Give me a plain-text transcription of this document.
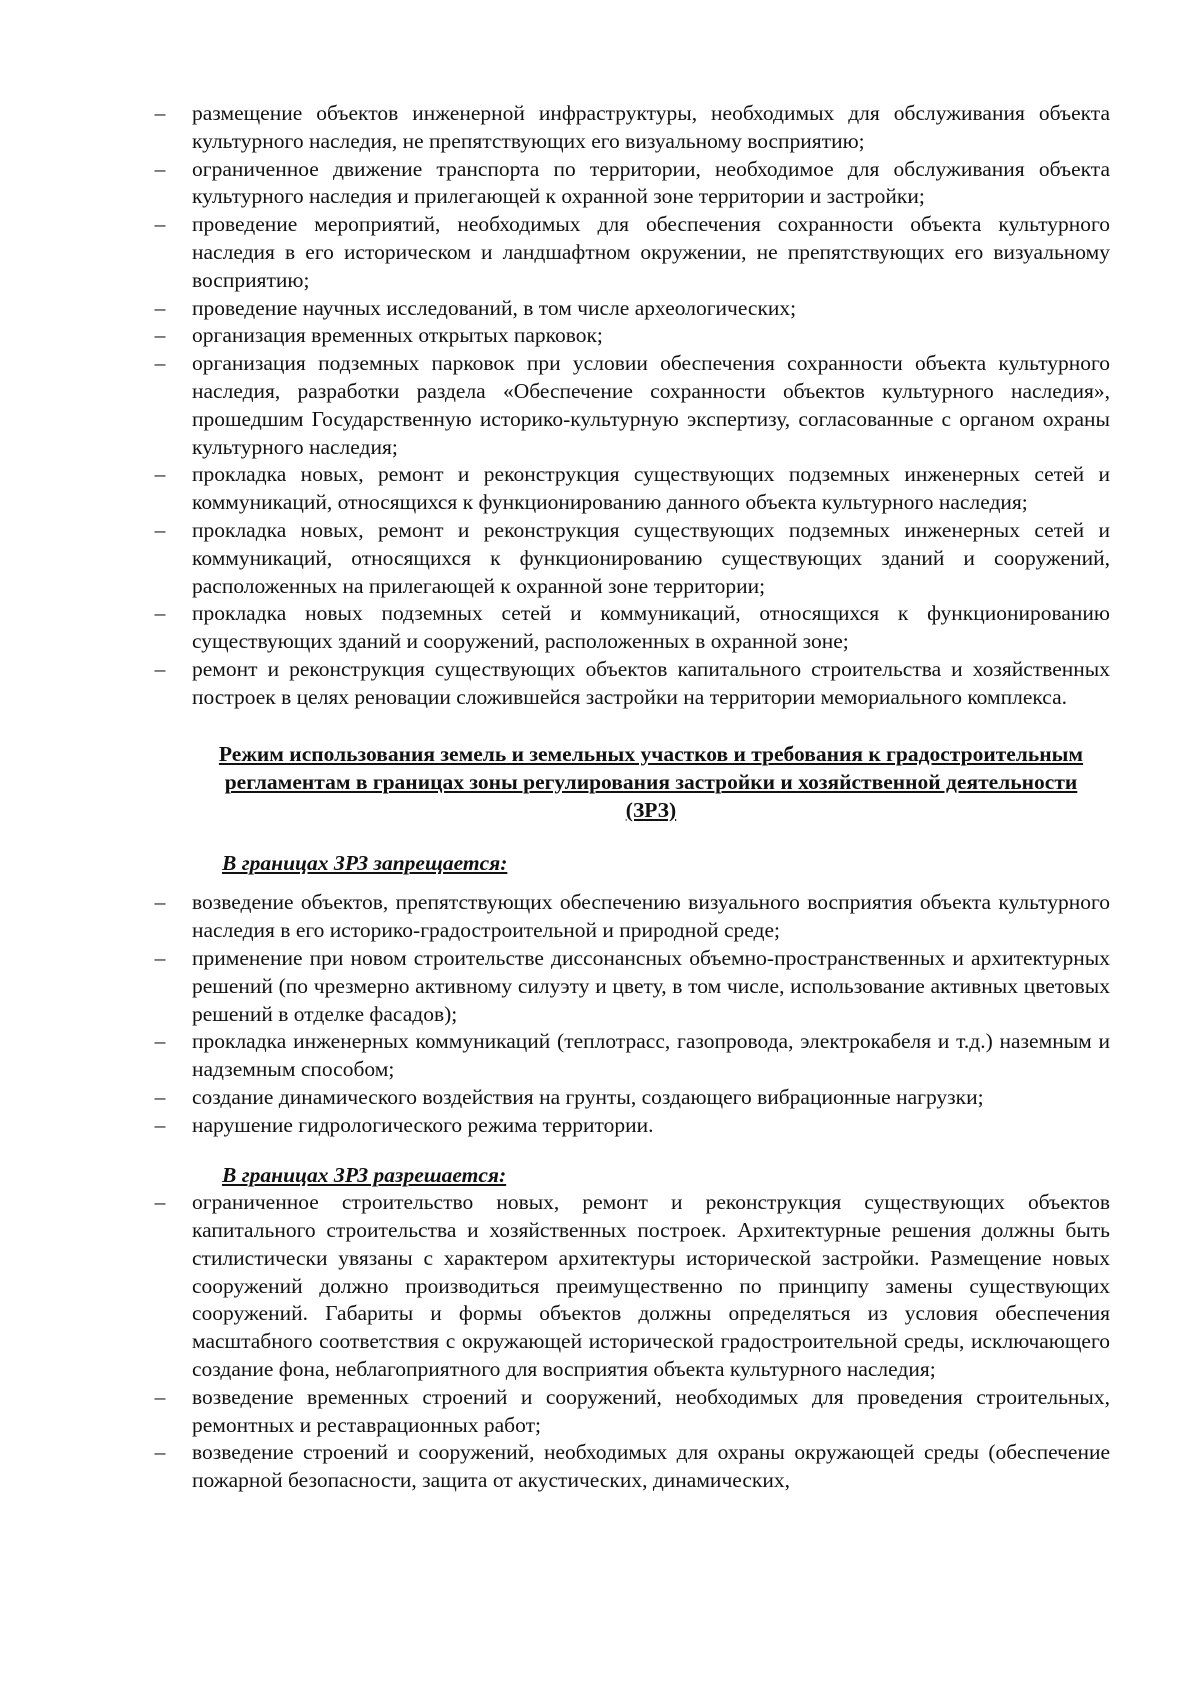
– размещение объектов инженерной инфраструктуры, необходимых для обслуживания объекта культурного наследия, не препятствующих его визуальному восприятию;
– ограниченное движение транспорта по территории, необходимое для обслуживания объекта культурного наследия и прилегающей к охранной зоне территории и застройки;
– проведение мероприятий, необходимых для обеспечения сохранности объекта культурного наследия в его историческом и ландшафтном окружении, не препятствующих его визуальному восприятию;
– проведение научных исследований, в том числе археологических;
– организация временных открытых парковок;
– организация подземных парковок при условии обеспечения сохранности объекта культурного наследия, разработки раздела «Обеспечение сохранности объектов культурного наследия», прошедшим Государственную историко-культурную экспертизу, согласованные с органом охраны культурного наследия;
– прокладка новых, ремонт и реконструкция существующих подземных инженерных сетей и коммуникаций, относящихся к функционированию данного объекта культурного наследия;
– прокладка новых, ремонт и реконструкция существующих подземных инженерных сетей и коммуникаций, относящихся к функционированию существующих зданий и сооружений, расположенных на прилегающей к охранной зоне территории;
– прокладка новых подземных сетей и коммуникаций, относящихся к функционированию существующих зданий и сооружений, расположенных в охранной зоне;
– ремонт и реконструкция существующих объектов капитального строительства и хозяйственных построек в целях реновации сложившейся застройки на территории мемориального комплекса.
Режим использования земель и земельных участков и требования к градостроительным
регламентам в границах зоны регулирования застройки и хозяйственной деятельности
(ЗРЗ)
В границах ЗРЗ запрещается:
– возведение объектов, препятствующих обеспечению визуального восприятия объекта культурного наследия в его историко-градостроительной и природной среде;
– применение при новом строительстве диссонансных объемно-пространственных и архитектурных решений (по чрезмерно активному силуэту и цвету, в том числе, использование активных цветовых решений в отделке фасадов);
– прокладка инженерных коммуникаций (теплотрасс, газопровода, электрокабеля и т.д.) наземным и надземным способом;
– создание динамического воздействия на грунты, создающего вибрационные нагрузки;
– нарушение гидрологического режима территории.
В границах ЗРЗ разрешается:
– ограниченное строительство новых, ремонт и реконструкция существующих объектов капитального строительства и хозяйственных построек. Архитектурные решения должны быть стилистически увязаны с характером архитектуры исторической застройки. Размещение новых сооружений должно производиться преимущественно по принципу замены существующих сооружений. Габариты и формы объектов должны определяться из условия обеспечения масштабного соответствия с окружающей исторической градостроительной среды, исключающего создание фона, неблагоприятного для восприятия объекта культурного наследия;
– возведение временных строений и сооружений, необходимых для проведения строительных, ремонтных и реставрационных работ;
– возведение строений и сооружений, необходимых для охраны окружающей среды (обеспечение пожарной безопасности, защита от акустических, динамических,
